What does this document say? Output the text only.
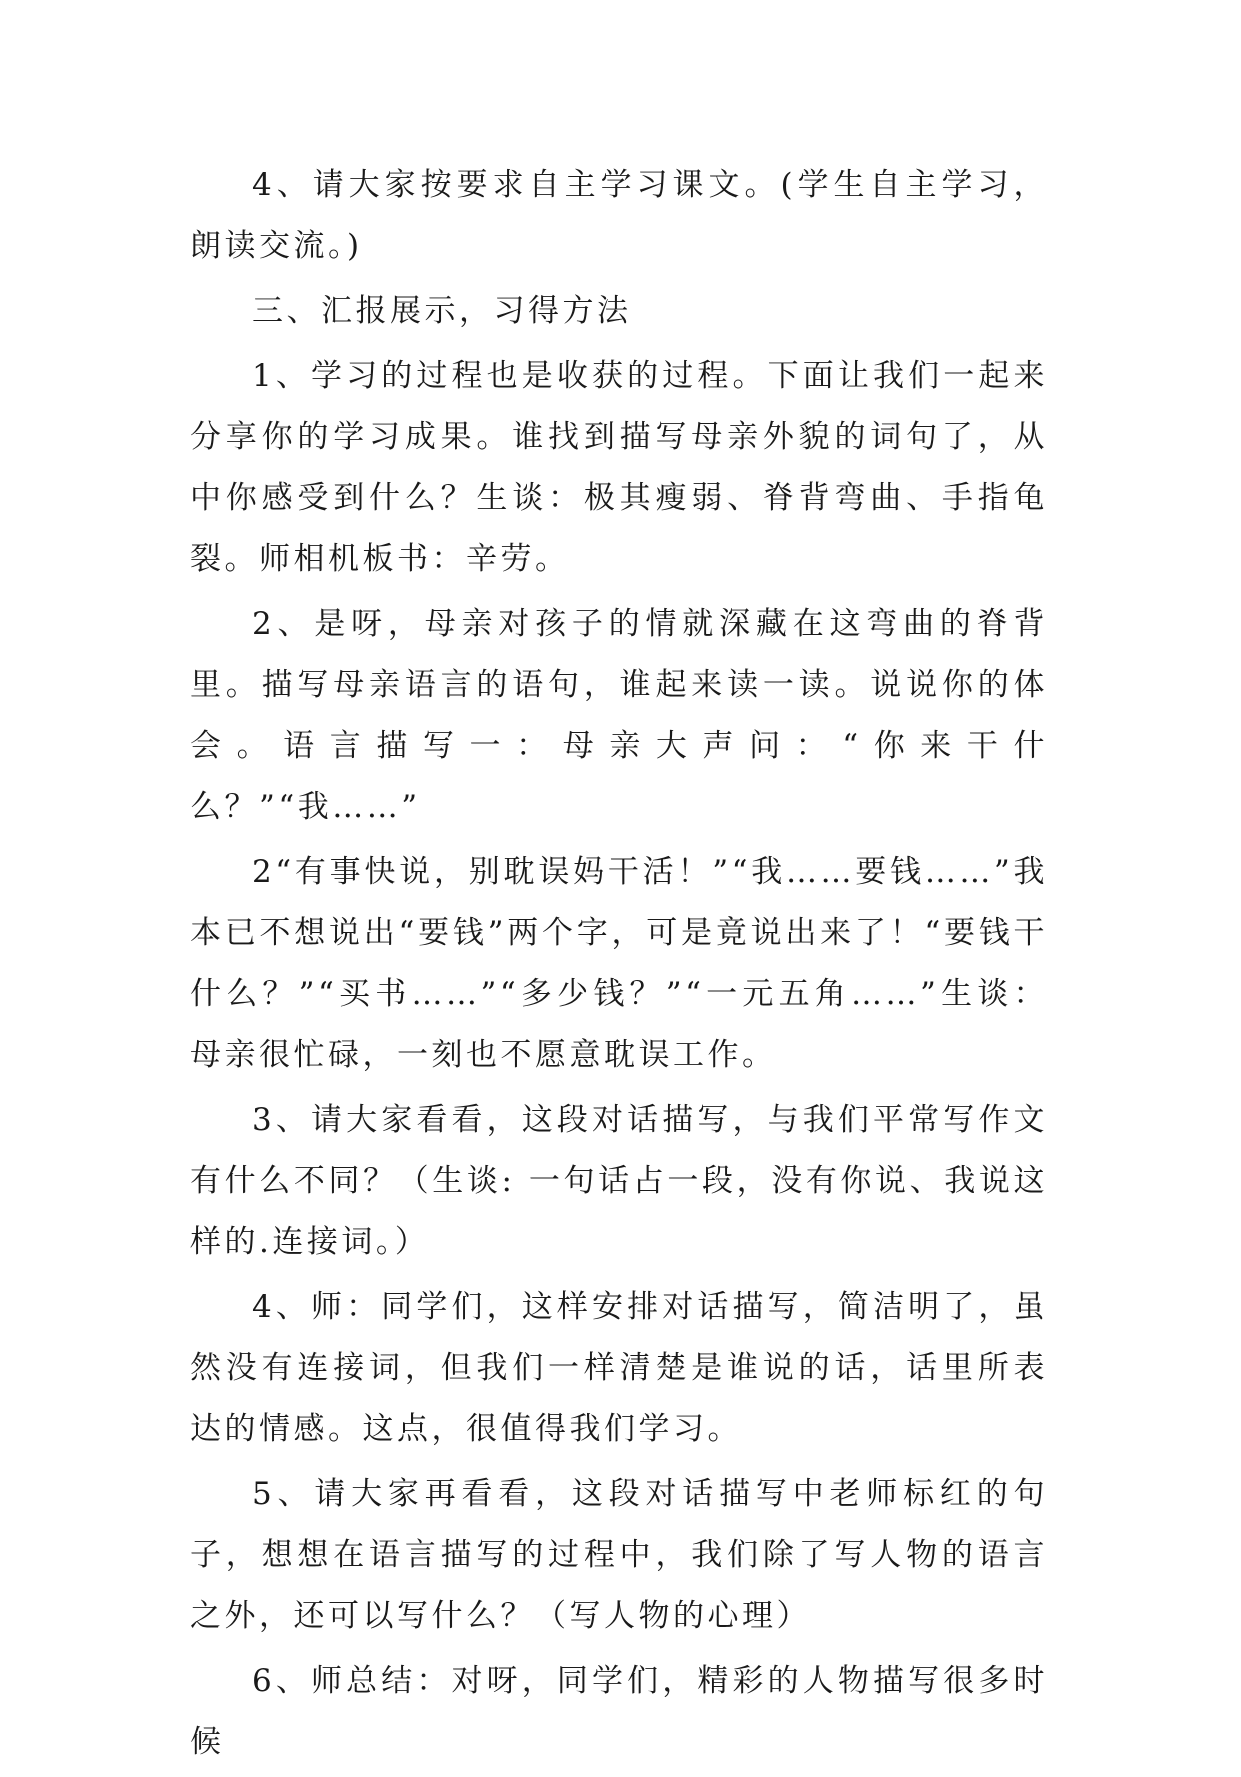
4、请大家按要求自主学习课文。(学生自主学习，朗读交流。)

三、汇报展示，习得方法

1、学习的过程也是收获的过程。下面让我们一起来分享你的学习成果。谁找到描写母亲外貌的词句了，从中你感受到什么？生谈：极其瘦弱、脊背弯曲、手指龟裂。师相机板书：辛劳。

2、是呀，母亲对孩子的情就深藏在这弯曲的脊背里。描写母亲语言的语句，谁起来读一读。说说你的体会。语言描写一：母亲大声问：“你来干什么？”“我……”

2“有事快说，别耽误妈干活！”“我……要钱……”我本已不想说出“要钱”两个字，可是竟说出来了！“要钱干什么？”“买书……”“多少钱？”“一元五角……”生谈：母亲很忙碌，一刻也不愿意耽误工作。

3、请大家看看，这段对话描写，与我们平常写作文有什么不同？（生谈: 一句话占一段，没有你说、我说这样的.连接词。）

4、师：同学们，这样安排对话描写，简洁明了，虽然没有连接词，但我们一样清楚是谁说的话，话里所表达的情感。这点，很值得我们学习。

5、请大家再看看，这段对话描写中老师标红的句子，想想在语言描写的过程中，我们除了写人物的语言之外，还可以写什么？（写人物的心理）

6、师总结：对呀，同学们，精彩的人物描写很多时候
